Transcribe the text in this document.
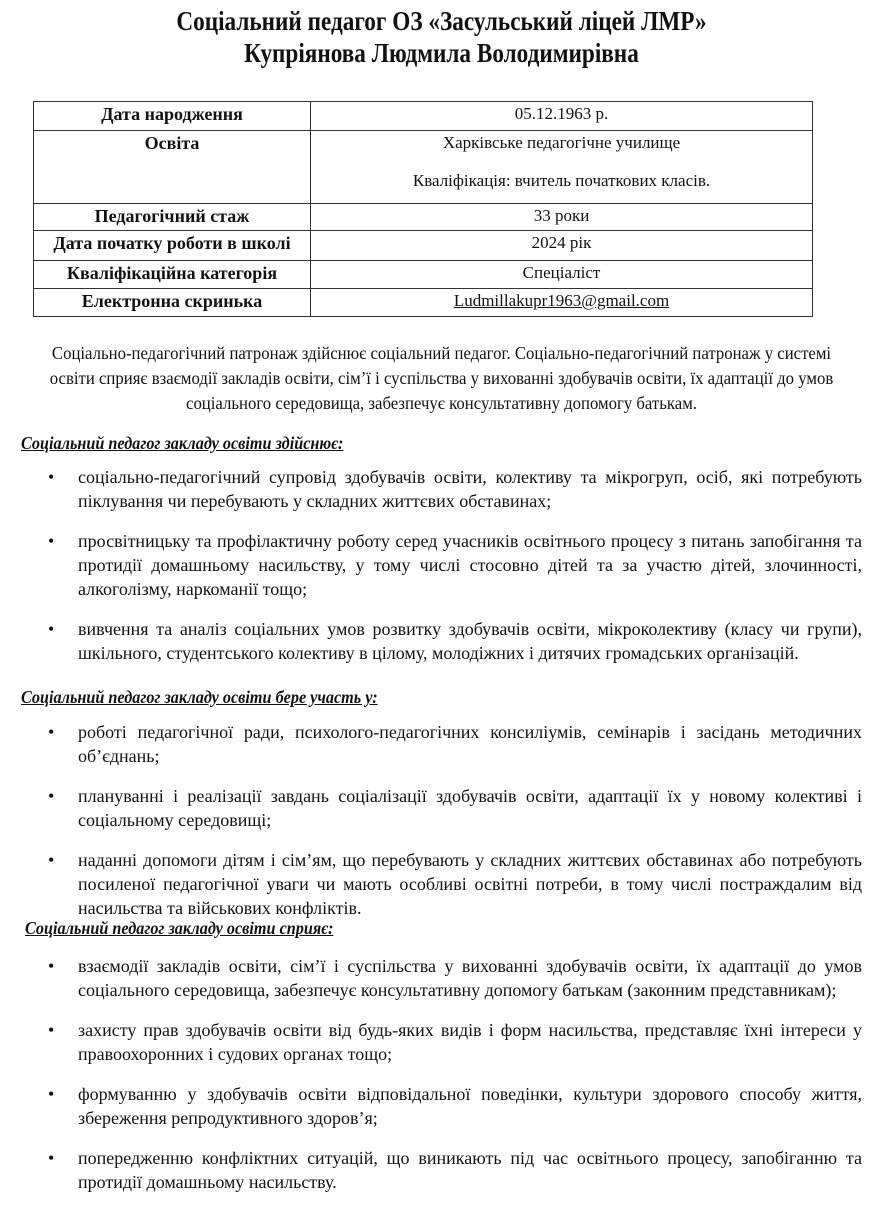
Соціальний педагог ОЗ «Засульський ліцей ЛМР»
Купріянова Людмила Володимирівна
Дата народження	05.12.1963 р.
Освіта	Харківське педагогічне училище
Кваліфікація: вчитель початкових класів.
Педагогічний стаж	33 роки
Дата початку роботи в школі	2024 рік
Кваліфікаційна категорія	Спеціаліст
Електронна скринька	Ludmillakupr1963@gmail.com
Соціально-педагогічний патронаж здійснює соціальний педагог. Соціально-педагогічний патронаж у системі освіти сприяє взаємодії закладів освіти, сім’ї і суспільства у вихованні здобувачів освіти, їх адаптації до умов соціального середовища, забезпечує консультативну допомогу батькам.
Соціальний педагог закладу освіти здійснює:
• соціально-педагогічний супровід здобувачів освіти, колективу та мікрогруп, осіб, які потребують піклування чи перебувають у складних життєвих обставинах;
• просвітницьку та профілактичну роботу серед учасників освітнього процесу з питань запобігання та протидії домашньому насильству, у тому числі стосовно дітей та за участю дітей, злочинності, алкоголізму, наркоманії тощо;
• вивчення та аналіз соціальних умов розвитку здобувачів освіти, мікроколективу (класу чи групи), шкільного, студентського колективу в цілому, молодіжних і дитячих громадських організацій.
Соціальний педагог закладу освіти бере участь у:
• роботі педагогічної ради, психолого-педагогічних консиліумів, семінарів і засідань методичних об’єднань;
• плануванні і реалізації завдань соціалізації здобувачів освіти, адаптації їх у новому колективі і соціальному середовищі;
• наданні допомоги дітям і сім’ям, що перебувають у складних життєвих обставинах або потребують посиленої педагогічної уваги чи мають особливі освітні потреби, в тому числі постраждалим від насильства та військових конфліктів.
Соціальний педагог закладу освіти сприяє:
• взаємодії закладів освіти, сім’ї і суспільства у вихованні здобувачів освіти, їх адаптації до умов соціального середовища, забезпечує консультативну допомогу батькам (законним представникам);
• захисту прав здобувачів освіти від будь-яких видів і форм насильства, представляє їхні інтереси у правоохоронних і судових органах тощо;
• формуванню у здобувачів освіти відповідальної поведінки, культури здорового способу життя, збереження репродуктивного здоров’я;
• попередженню конфліктних ситуацій, що виникають під час освітнього процесу, запобіганню та протидії домашньому насильству.
